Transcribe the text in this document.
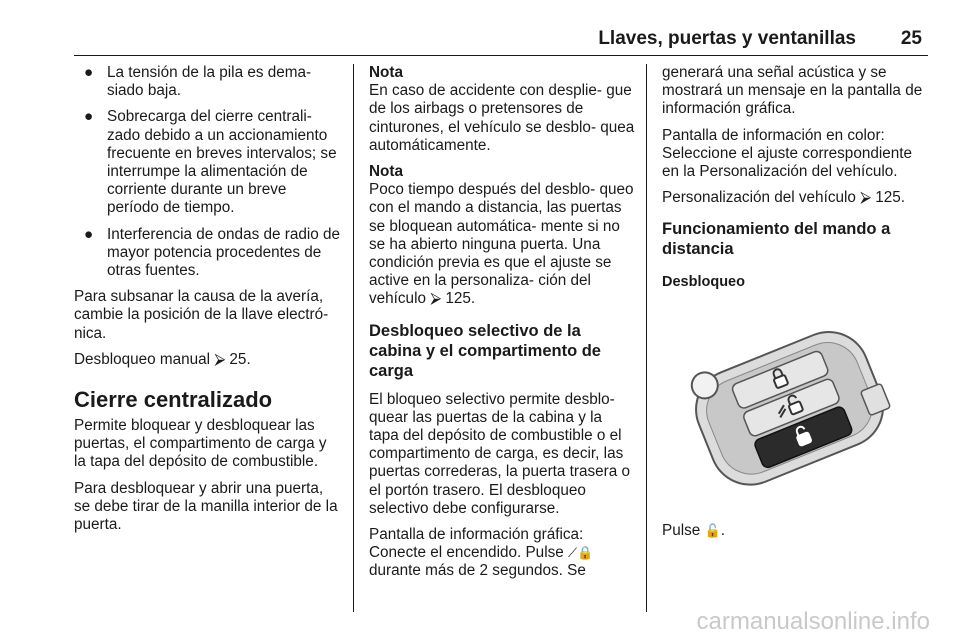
Llaves, puertas y ventanillas 25
● La tensión de la pila es dema- siado baja.
● Sobrecarga del cierre centrali- zado debido a un accionamiento frecuente en breves intervalos; se interrumpe la alimentación de corriente durante un breve período de tiempo.
● Interferencia de ondas de radio de mayor potencia procedentes de otras fuentes.

Para subsanar la causa de la avería, cambie la posición de la llave electró- nica.

Desbloqueo manual ⮚ 25.

Cierre centralizado

Permite bloquear y desbloquear las puertas, el compartimento de carga y la tapa del depósito de combustible.

Para desbloquear y abrir una puerta, se debe tirar de la manilla interior de la puerta.

Nota

En caso de accidente con desplie- gue de los airbags o pretensores de cinturones, el vehículo se desblo- quea automáticamente.

Nota

Poco tiempo después del desblo- queo con el mando a distancia, las puertas se bloquean automática- mente si no se ha abierto ninguna puerta. Una condición previa es que el ajuste se active en la personaliza- ción del vehículo ⮚ 125.

Desbloqueo selectivo de la cabina y el compartimento de carga

El bloqueo selectivo permite desblo- quear las puertas de la cabina y la tapa del depósito de combustible o el compartimento de carga, es decir, las puertas correderas, la puerta trasera o el portón trasero. El desbloqueo selectivo debe configurarse.

Pantalla de información gráfica:
Conecte el encendido. Pulse ⟋🔒
durante más de 2 segundos. Se

generará una señal acústica y se mostrará un mensaje en la pantalla de información gráfica.

Pantalla de información en color: Seleccione el ajuste correspondiente en la Personalización del vehículo.

Personalización del vehículo ⮚ 125.

Funcionamiento del mando a distancia
Desbloqueo
Pulse 🔓.
carmanualsonline.info
